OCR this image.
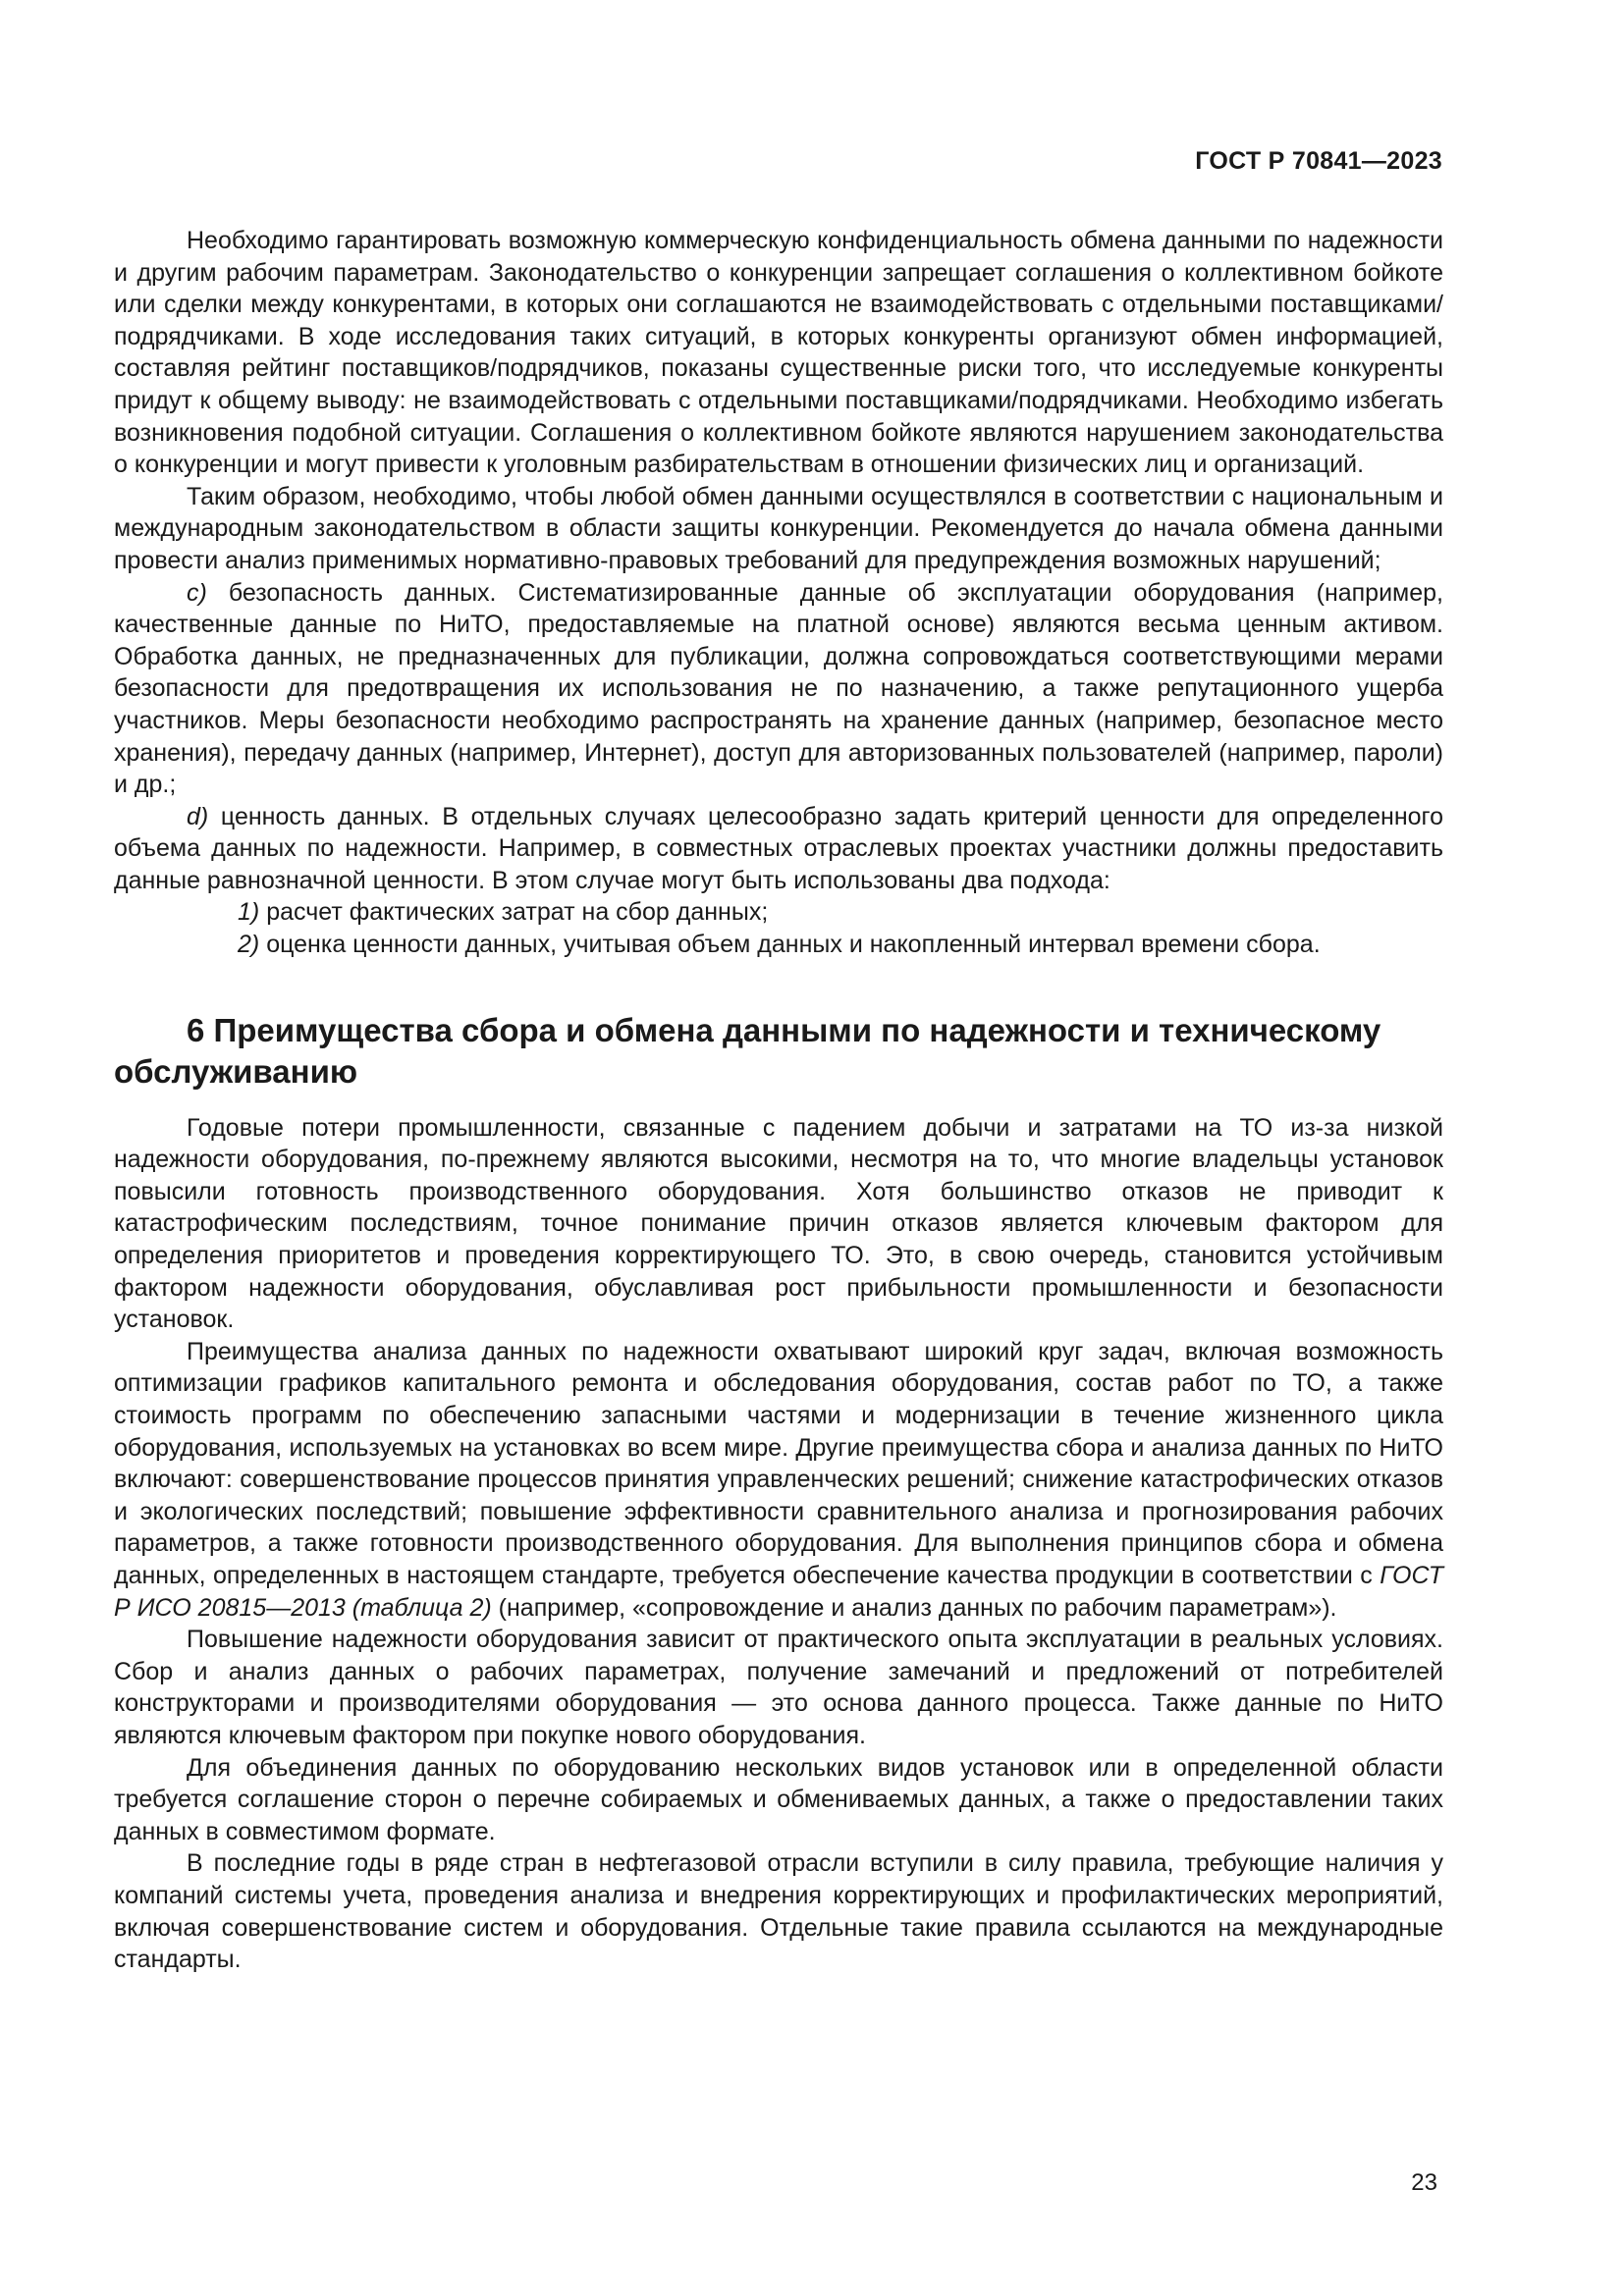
ГОСТ Р 70841—2023

Необходимо гарантировать возможную коммерческую конфиденциальность обмена данными по надежности и другим рабочим параметрам. Законодательство о конкуренции запрещает соглашения о коллективном бойкоте или сделки между конкурентами, в которых они соглашаются не взаимодействовать с отдельными поставщиками/подрядчиками. В ходе исследования таких ситуаций, в которых конкуренты организуют обмен информацией, составляя рейтинг поставщиков/подрядчиков, показаны существенные риски того, что исследуемые конкуренты придут к общему выводу: не взаимодействовать с отдельными поставщиками/подрядчиками. Необходимо избегать возникновения подобной ситуации. Соглашения о коллективном бойкоте являются нарушением законодательства о конкуренции и могут привести к уголовным разбирательствам в отношении физических лиц и организаций.

Таким образом, необходимо, чтобы любой обмен данными осуществлялся в соответствии с национальным и международным законодательством в области защиты конкуренции. Рекомендуется до начала обмена данными провести анализ применимых нормативно-правовых требований для предупреждения возможных нарушений;

c) безопасность данных. Систематизированные данные об эксплуатации оборудования (например, качественные данные по НиТО, предоставляемые на платной основе) являются весьма ценным активом. Обработка данных, не предназначенных для публикации, должна сопровождаться соответствующими мерами безопасности для предотвращения их использования не по назначению, а также репутационного ущерба участников. Меры безопасности необходимо распространять на хранение данных (например, безопасное место хранения), передачу данных (например, Интернет), доступ для авторизованных пользователей (например, пароли) и др.;

d) ценность данных. В отдельных случаях целесообразно задать критерий ценности для определенного объема данных по надежности. Например, в совместных отраслевых проектах участники должны предоставить данные равнозначной ценности. В этом случае могут быть использованы два подхода:

1) расчет фактических затрат на сбор данных;

2) оценка ценности данных, учитывая объем данных и накопленный интервал времени сбора.

6 Преимущества сбора и обмена данными по надежности и техническому обслуживанию

Годовые потери промышленности, связанные с падением добычи и затратами на ТО из-за низкой надежности оборудования, по-прежнему являются высокими, несмотря на то, что многие владельцы установок повысили готовность производственного оборудования. Хотя большинство отказов не приводит к катастрофическим последствиям, точное понимание причин отказов является ключевым фактором для определения приоритетов и проведения корректирующего ТО. Это, в свою очередь, становится устойчивым фактором надежности оборудования, обуславливая рост прибыльности промышленности и безопасности установок.

Преимущества анализа данных по надежности охватывают широкий круг задач, включая возможность оптимизации графиков капитального ремонта и обследования оборудования, состав работ по ТО, а также стоимость программ по обеспечению запасными частями и модернизации в течение жизненного цикла оборудования, используемых на установках во всем мире. Другие преимущества сбора и анализа данных по НиТО включают: совершенствование процессов принятия управленческих решений; снижение катастрофических отказов и экологических последствий; повышение эффективности сравнительного анализа и прогнозирования рабочих параметров, а также готовности производственного оборудования. Для выполнения принципов сбора и обмена данных, определенных в настоящем стандарте, требуется обеспечение качества продукции в соответствии с ГОСТ Р ИСО 20815—2013 (таблица 2) (например, «сопровождение и анализ данных по рабочим параметрам»).

Повышение надежности оборудования зависит от практического опыта эксплуатации в реальных условиях. Сбор и анализ данных о рабочих параметрах, получение замечаний и предложений от потребителей конструкторами и производителями оборудования — это основа данного процесса. Также данные по НиТО являются ключевым фактором при покупке нового оборудования.

Для объединения данных по оборудованию нескольких видов установок или в определенной области требуется соглашение сторон о перечне собираемых и обмениваемых данных, а также о предоставлении таких данных в совместимом формате.

В последние годы в ряде стран в нефтегазовой отрасли вступили в силу правила, требующие наличия у компаний системы учета, проведения анализа и внедрения корректирующих и профилактических мероприятий, включая совершенствование систем и оборудования. Отдельные такие правила ссылаются на международные стандарты.

23
